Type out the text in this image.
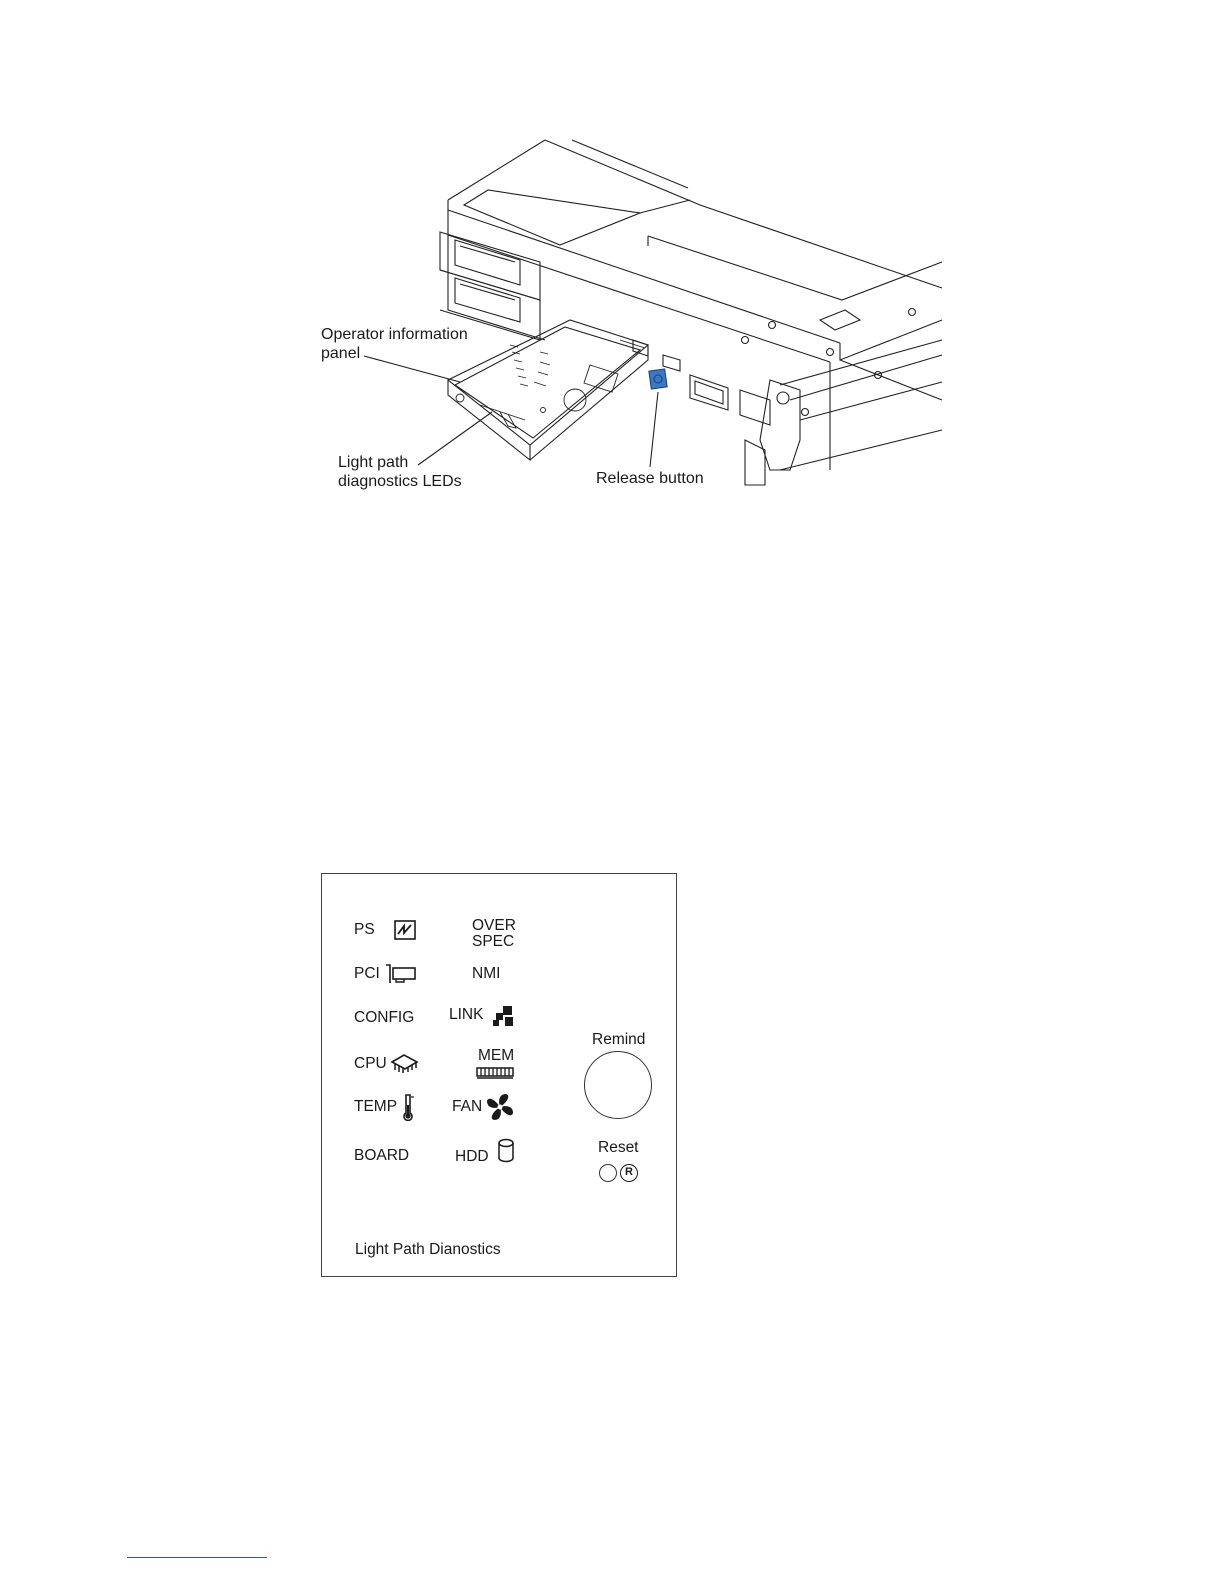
Operator information
panel
Light path
diagnostics LEDs	Release button
PS
PCI
CONFIG
CPU
TEMP
BOARD
OVER
SPEC
NMI
LINK
MEM
FAN
HDD
Remind
Reset
R
Light Path Dianostics
